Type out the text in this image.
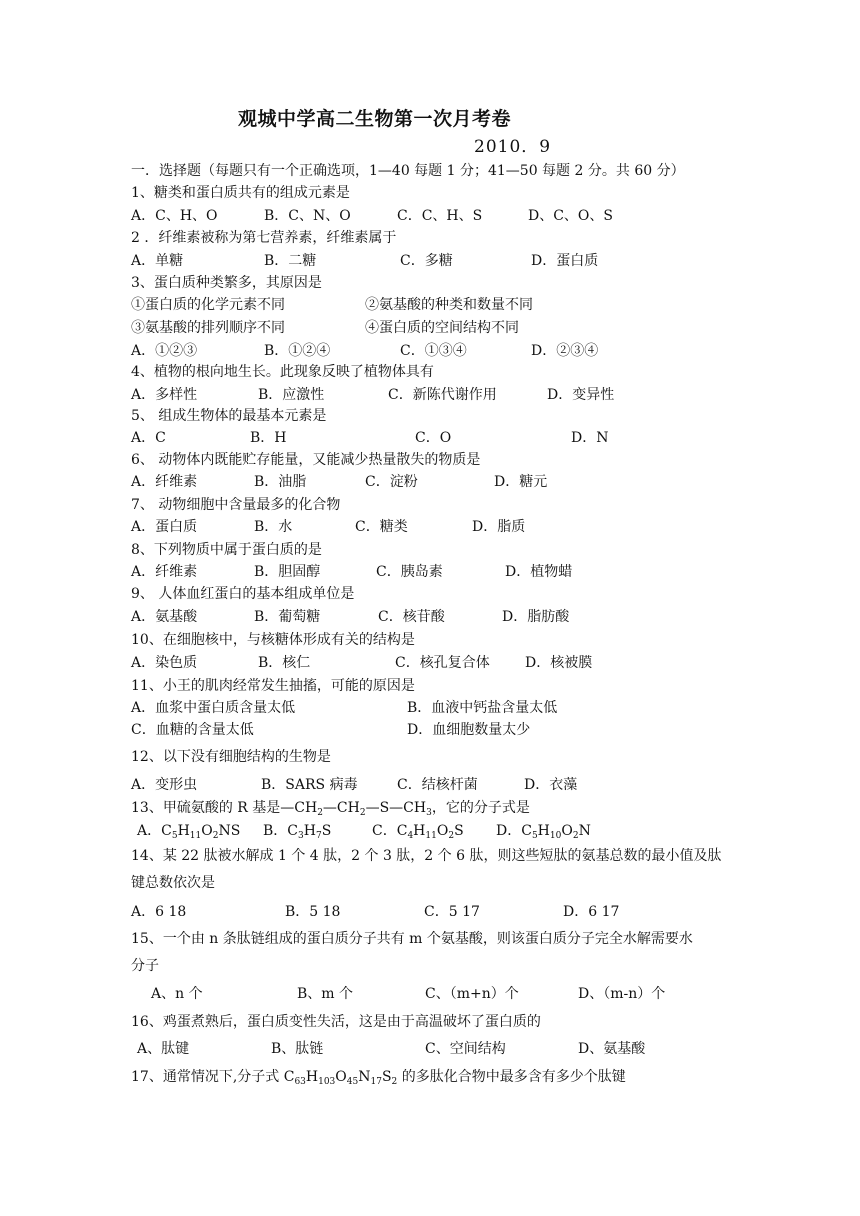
观城中学高二生物第一次月考卷
2010．9
一．选择题（每题只有一个正确选项，1—40 每题 1 分；41—50 每题 2 分。共 60 分）
1、糖类和蛋白质共有的组成元素是
A．C、H、O	B．C、N、O	C．C、H、S	D、C、O、S
2 ．纤维素被称为第七营养素，纤维素属于
A．单糖	B．二糖	C．多糖	D．蛋白质
3、蛋白质种类繁多，其原因是
①蛋白质的化学元素不同	②氨基酸的种类和数量不同
③氨基酸的排列顺序不同	④蛋白质的空间结构不同
A．①②③	B．①②④	C．①③④	D．②③④
4、植物的根向地生长。此现象反映了植物体具有
A．多样性	B．应激性	C．新陈代谢作用	D．变异性
5、 组成生物体的最基本元素是
A．C	B．H	C．O	D．N
6、 动物体内既能贮存能量，又能减少热量散失的物质是
A．纤维素	B．油脂	C．淀粉	D．糖元
7、 动物细胞中含量最多的化合物
A．蛋白质	B．水	C．糖类	D．脂质
8、下列物质中属于蛋白质的是
A．纤维素	B．胆固醇	C．胰岛素	D．植物蜡
9、 人体血红蛋白的基本组成单位是
A．氨基酸	B．葡萄糖	C．核苷酸	D．脂肪酸
10、在细胞核中，与核糖体形成有关的结构是
A．染色质	B．核仁	C．核孔复合体	D．核被膜
11、小王的肌肉经常发生抽搐，可能的原因是
A．血浆中蛋白质含量太低	B．血液中钙盐含量太低
C．血糖的含量太低	D．血细胞数量太少
12、以下没有细胞结构的生物是
A．变形虫	B．SARS 病毒	C．结核杆菌	D．衣藻
13、甲硫氨酸的 R 基是$—CH_2—CH_2—S—CH_3$，它的分子式是
A．$C_5H_{11}O_2NS$ B．$C_3H_7S$	C．$C_4H_{11}O_2S$ D．$C_5H_{10}O_2N$
14、某 22 肽被水解成 1 个 4 肽，2 个 3 肽，2 个 6 肽，则这些短肽的氨基总数的最小值及肽
键总数依次是
A．6 18	B．5 18	C．5 17	D．6 17
15、一个由 n 条肽链组成的蛋白质分子共有 m 个氨基酸，则该蛋白质分子完全水解需要水
分子
A、n 个	B、m 个	C、（m+n）个	D、（m-n）个
16、鸡蛋煮熟后，蛋白质变性失活，这是由于高温破坏了蛋白质的
A、肽键	B、肽链	C、空间结构	D、氨基酸
17、通常情况下,分子式 $C_{63}H_{103}O_{45}N_{17}S_2$ 的多肽化合物中最多含有多少个肽键
